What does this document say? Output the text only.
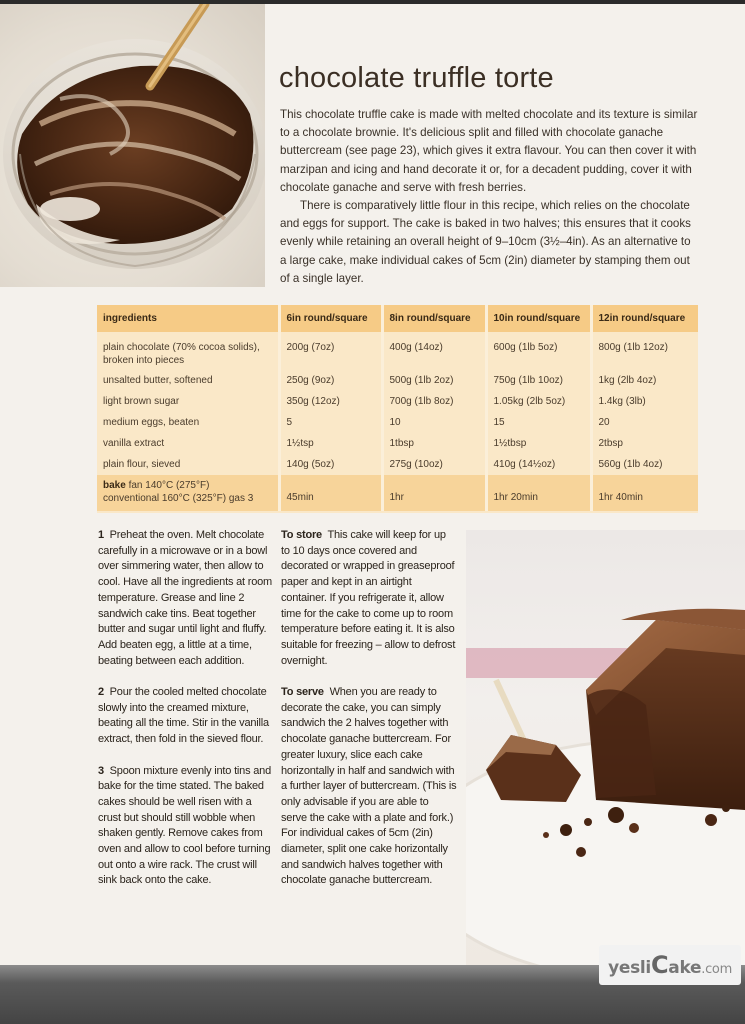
chocolate truffle torte

This chocolate truffle cake is made with melted chocolate and its texture is similar to a chocolate brownie. It's delicious split and filled with chocolate ganache buttercream (see page 23), which gives it extra flavour. You can then cover it with marzipan and icing and hand decorate it or, for a decadent pudding, cover it with chocolate ganache and serve with fresh berries.

There is comparatively little flour in this recipe, which relies on the chocolate and eggs for support. The cake is baked in two halves; this ensures that it cooks evenly while retaining an overall height of 9–10cm (3½–4in). As an alternative to a large cake, make individual cakes of 5cm (2in) diameter by stamping them out of a single layer.

ingredients	6in round/square	8in round/square	10in round/square	12in round/square

plain chocolate (70% cocoa solids),
broken into pieces	200g (7oz)	400g (14oz)	600g (1lb 5oz)	800g (1lb 12oz)
unsalted butter, softened	250g (9oz)	500g (1lb 2oz)	750g (1lb 10oz)	1kg (2lb 4oz)
light brown sugar	350g (12oz)	700g (1lb 8oz)	1.05kg (2lb 5oz)	1.4kg (3lb)
medium eggs, beaten	5	10	15	20
vanilla extract	1½tsp	1tbsp	1½tbsp	2tbsp
plain flour, sieved	140g (5oz)	275g (10oz)	410g (14½oz)	560g (1lb 4oz)

bake fan 140°C (275°F)
conventional 160°C (325°F) gas 3	45min	1hr	1hr 20min	1hr 40min

1 Preheat the oven. Melt chocolate carefully in a microwave or in a bowl over simmering water, then allow to cool. Have all the ingredients at room temperature. Grease and line 2 sandwich cake tins. Beat together butter and sugar until light and fluffy. Add beaten egg, a little at a time, beating between each addition.

2 Pour the cooled melted chocolate slowly into the creamed mixture, beating all the time. Stir in the vanilla extract, then fold in the sieved flour.

3 Spoon mixture evenly into tins and bake for the time stated. The baked cakes should be well risen with a crust but should still wobble when shaken gently. Remove cakes from oven and allow to cool before turning out onto a wire rack. The crust will sink back onto the cake.

To store This cake will keep for up to 10 days once covered and decorated or wrapped in greaseproof paper and kept in an airtight container. If you refrigerate it, allow time for the cake to come up to room temperature before eating it. It is also suitable for freezing – allow to defrost overnight.

To serve When you are ready to decorate the cake, you can simply sandwich the 2 halves together with chocolate ganache buttercream. For greater luxury, slice each cake horizontally in half and sandwich with a further layer of buttercream. (This is only advisable if you are able to serve the cake with a plate and fork.) For individual cakes of 5cm (2in) diameter, split one cake horizontally and sandwich halves together with chocolate ganache buttercream.

yesliCake.com
